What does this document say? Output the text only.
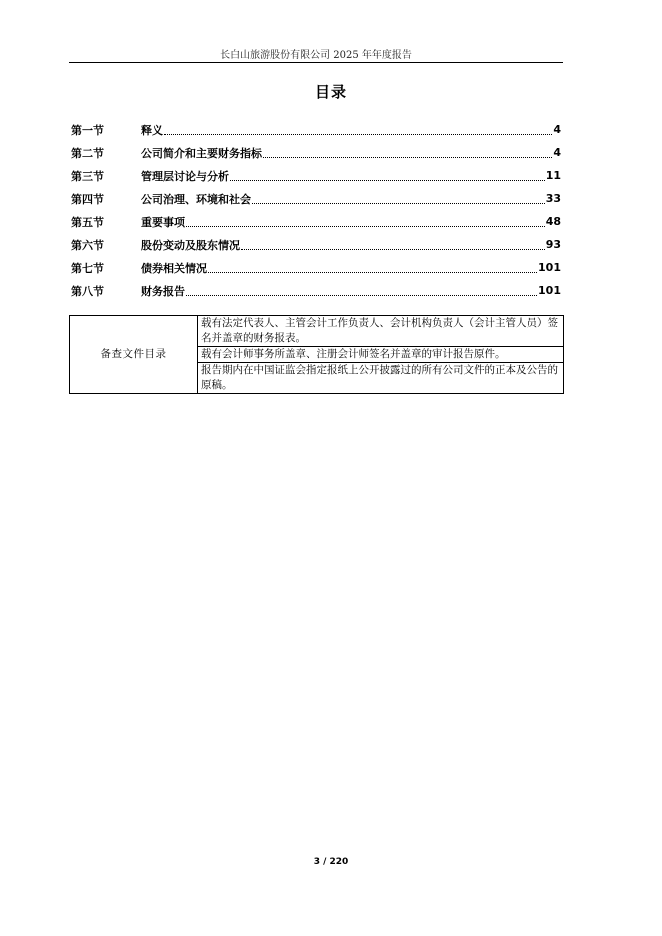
长白山旅游股份有限公司 2025 年年度报告
目录
第一节	释义	4
第二节	公司简介和主要财务指标	4
第三节	管理层讨论与分析	11
第四节	公司治理、环境和社会	33
第五节	重要事项	48
第六节	股份变动及股东情况	93
第七节	债券相关情况	101
第八节	财务报告	101
备查文件目录	载有法定代表人、主管会计工作负责人、会计机构负责人（会计主管人员）签名并盖章的财务报表。
载有会计师事务所盖章、注册会计师签名并盖章的审计报告原件。
报告期内在中国证监会指定报纸上公开披露过的所有公司文件的正本及公告的原稿。
3 / 220
